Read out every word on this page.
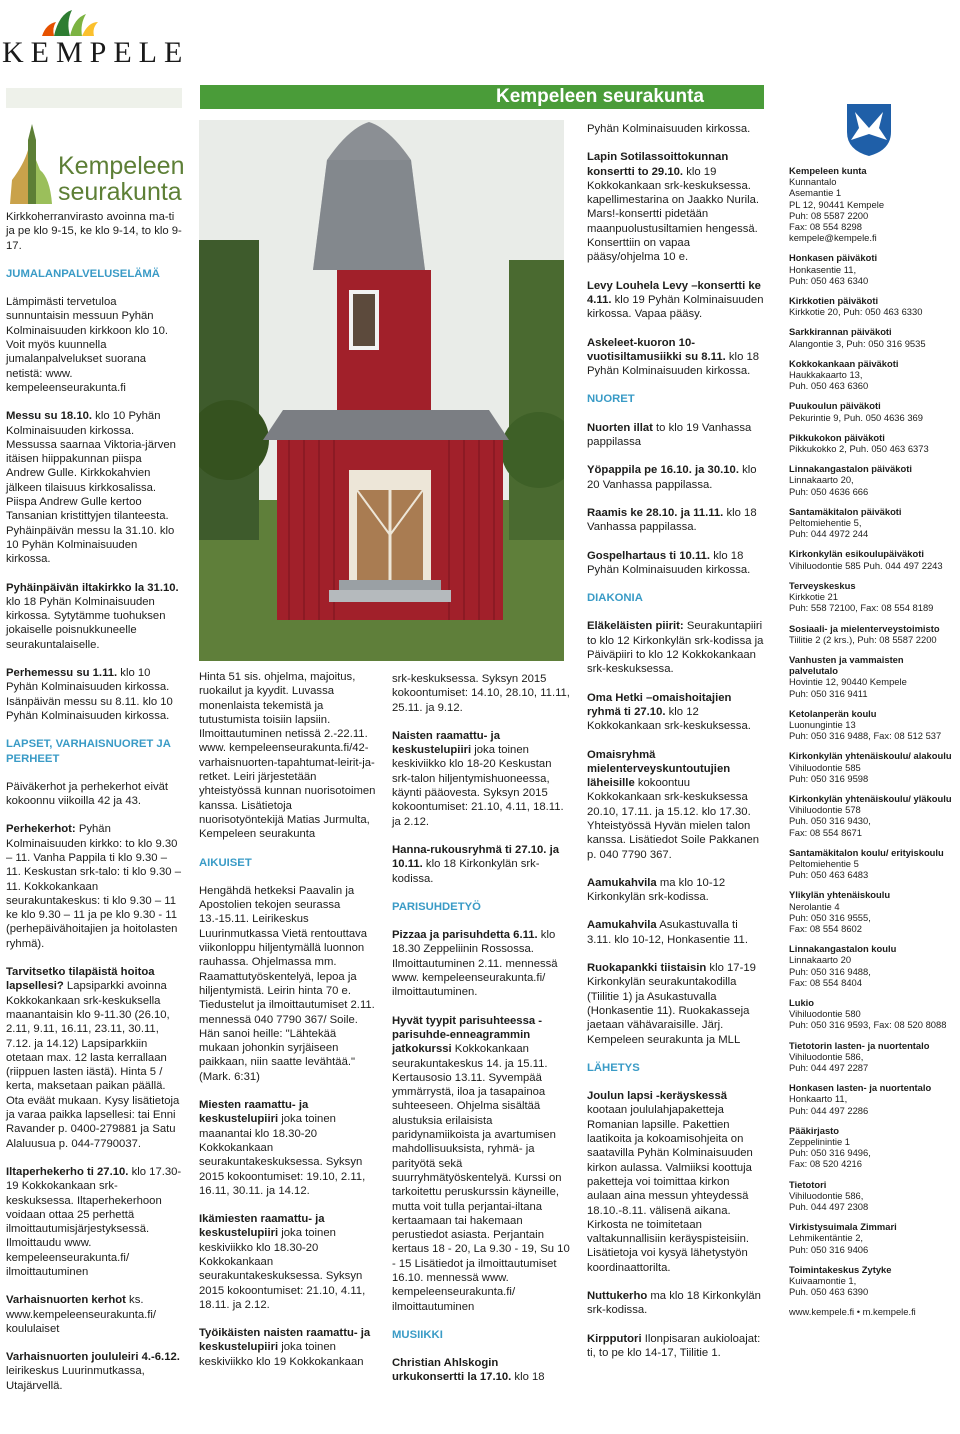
KEMPELE
Kempeleen seurakunta
Kempeleen
seurakunta

Kirkkoherranvirasto avoinna ma-ti ja pe klo 9-15, ke klo 9-14, to klo 9-17.

JUMALANPALVELUSELÄMÄ

Lämpimästi tervetuloa sunnuntaisin messuun Pyhän Kolminaisuuden kirkkoon klo 10. Voit myös kuunnella jumalanpalvelukset suorana netistä: www. kempeleenseurakunta.fi

Messu su 18.10. klo 10 Pyhän Kolminaisuuden kirkossa. Messussa saarnaa Viktoria-järven itäisen hiippakunnan piispa Andrew Gulle. Kirkkokahvien jälkeen tilaisuus kirkkosalissa. Piispa Andrew Gulle kertoo Tansanian kristittyjen tilanteesta. Pyhäinpäivän messu la 31.10. klo 10 Pyhän Kolminaisuuden kirkossa.

Pyhäinpäivän iltakirkko la 31.10. klo 18 Pyhän Kolminaisuuden kirkossa. Sytytämme tuohuksen jokaiselle poisnukkuneelle seurakuntalaiselle.

Perhemessu su 1.11. klo 10 Pyhän Kolminaisuuden kirkossa. Isänpäivän messu su 8.11. klo 10 Pyhän Kolminaisuuden kirkossa.

LAPSET, VARHAISNUORET JA PERHEET

Päiväkerhot ja perhekerhot eivät kokoonnu viikoilla 42 ja 43.

Perhekerhot: Pyhän Kolminaisuuden kirkko: to klo 9.30 – 11. Vanha Pappila ti klo 9.30 – 11. Keskustan srk-talo: ti klo 9.30 – 11. Kokkokankaan seurakuntakeskus: ti klo 9.30 – 11 ke klo 9.30 – 11 ja pe klo 9.30 - 11 (perhepäivähoitajien ja hoitolasten ryhmä).

Tarvitsetko tilapäistä hoitoa lapsellesi? Lapsiparkki avoinna Kokkokankaan srk-keskuksella maanantaisin klo 9-11.30 (26.10, 2.11, 9.11, 16.11, 23.11, 30.11, 7.12. ja 14.12) Lapsiparkkiin otetaan max. 12 lasta kerrallaan (riippuen lasten iästä). Hinta 5 / kerta, maksetaan paikan päällä. Ota eväät mukaan. Kysy lisätietoja ja varaa paikka lapsellesi: tai Enni Ravander p. 0400-279881 ja Satu Alaluusua p. 044-7790037.

Iltaperhekerho ti 27.10. klo 17.30-19 Kokkokankaan srk-keskuksessa. Iltaperhekerhoon voidaan ottaa 25 perhettä ilmoittautumisjärjestyksessä. Ilmoittaudu www. kempeleenseurakunta.fi/ ilmoittautuminen

Varhaisnuorten kerhot ks. www.kempeleenseurakunta.fi/ koululaiset

Varhaisnuorten joululeiri 4.-6.12. leirikeskus Luurinmutkassa, Utajärvellä.

Hinta 51 sis. ohjelma, majoitus, ruokailut ja kyydit. Luvassa monenlaista tekemistä ja tutustumista toisiin lapsiin. Ilmoittautuminen netissä 2.-22.11. www. kempeleenseurakunta.fi/42-varhaisnuorten-tapahtumat-leirit-ja-retket. Leiri järjestetään yhteistyössä kunnan nuorisotoimen kanssa. Lisätietoja nuorisotyöntekijä Matias Jurmulta, Kempeleen seurakunta

AIKUISET

Hengähdä hetkeksi Paavalin ja Apostolien tekojen seurassa 13.-15.11. Leirikeskus Luurinmutkassa Vietä rentouttava viikonloppu hiljentymällä luonnon rauhassa. Ohjelmassa mm. Raamattutyöskentelyä, lepoa ja hiljentymistä. Leirin hinta 70 e. Tiedustelut ja ilmoittautumiset 2.11. mennessä 040 7790 367/ Soile. Hän sanoi heille: "Lähtekää mukaan johonkin syrjäiseen paikkaan, niin saatte levähtää." (Mark. 6:31)

Miesten raamattu- ja keskustelupiiri joka toinen maanantai klo 18.30-20 Kokkokankaan seurakuntakeskuksessa. Syksyn 2015 kokoontumiset: 19.10, 2.11, 16.11, 30.11. ja 14.12.

Ikämiesten raamattu- ja keskustelupiiri joka toinen keskiviikko klo 18.30-20 Kokkokankaan seurakuntakeskuksessa. Syksyn 2015 kokoontumiset: 21.10, 4.11, 18.11. ja 2.12.

Työikäisten naisten raamattu- ja keskustelupiiri joka toinen keskiviikko klo 19 Kokkokankaan

srk-keskuksessa. Syksyn 2015 kokoontumiset: 14.10, 28.10, 11.11, 25.11. ja 9.12.

Naisten raamattu- ja keskustelupiiri joka toinen keskiviikko klo 18-20 Keskustan srk-talon hiljentymishuoneessa, käynti pääovesta. Syksyn 2015 kokoontumiset: 21.10, 4.11, 18.11. ja 2.12.

Hanna-rukousryhmä ti 27.10. ja 10.11. klo 18 Kirkonkylän srk-kodissa.

PARISUHDETYÖ

Pizzaa ja parisuhdetta 6.11. klo 18.30 Zeppeliinin Rossossa. Ilmoittautuminen 2.11. mennessä www. kempeleenseurakunta.fi/ ilmoittautuminen.

Hyvät tyypit parisuhteessa - parisuhde-enneagrammin jatkokurssi Kokkokankaan seurakuntakeskus 14. ja 15.11. Kertausosio 13.11. Syvempää ymmärrystä, iloa ja tasapainoa suhteeseen. Ohjelma sisältää alustuksia erilaisista paridynamiikoista ja avartumisen mahdollisuuksista, ryhmä- ja parityötä sekä suurryhmätyöskentelyä. Kurssi on tarkoitettu peruskurssin käyneille, mutta voit tulla perjantai-iltana kertaamaan tai hakemaan perustiedot asiasta. Perjantain kertaus 18 - 20, La 9.30 - 19, Su 10 - 15 Lisätiedot ja ilmoittautumiset 16.10. mennessä www. kempeleenseurakunta.fi/ ilmoittautuminen

MUSIIKKI

Christian Ahlskogin urkukonsertti la 17.10. klo 18

Pyhän Kolminaisuuden kirkossa.

Lapin Sotilassoittokunnan konsertti to 29.10. klo 19 Kokkokankaan srk-keskuksessa. kapellimestarina on Jaakko Nurila. Mars!-konsertti pidetään maanpuolustusiltamien hengessä. Konserttiin on vapaa pääsy/ohjelma 10 e.

Levy Louhela Levy –konsertti ke 4.11. klo 19 Pyhän Kolminaisuuden kirkossa. Vapaa pääsy.

Askeleet-kuoron 10-vuotisiltamusiikki su 8.11. klo 18 Pyhän Kolminaisuuden kirkossa.

NUORET

Nuorten illat to klo 19 Vanhassa pappilassa

Yöpappila pe 16.10. ja 30.10. klo 20 Vanhassa pappilassa.

Raamis ke 28.10. ja 11.11. klo 18 Vanhassa pappilassa.

Gospelhartaus ti 10.11. klo 18 Pyhän Kolminaisuuden kirkossa.

DIAKONIA

Eläkeläisten piirit: Seurakuntapiiri to klo 12 Kirkonkylän srk-kodissa ja Päiväpiiri to klo 12 Kokkokankaan srk-keskuksessa.

Oma Hetki –omaishoitajien ryhmä ti 27.10. klo 12 Kokkokankaan srk-keskuksessa.

Omaisryhmä mielenterveyskuntoutujien läheisille kokoontuu Kokkokankaan srk-keskuksessa 20.10, 17.11. ja 15.12. klo 17.30. Yhteistyössä Hyvän mielen talon kanssa. Lisätiedot Soile Pakkanen p. 040 7790 367.

Aamukahvila ma klo 10-12 Kirkonkylän srk-kodissa.

Aamukahvila Asukastuvalla ti 3.11. klo 10-12, Honkasentie 11.

Ruokapankki tiistaisin klo 17-19 Kirkonkylän seurakuntakodilla (Tiilitie 1) ja Asukastuvalla (Honkasentie 11). Ruokakasseja jaetaan vähävaraisille. Järj. Kempeleen seurakunta ja MLL

LÄHETYS

Joulun lapsi -keräyskessä kootaan joululahjapaketteja Romanian lapsille. Pakettien laatikoita ja kokoamisohjeita on saatavilla Pyhän Kolminaisuuden kirkon aulassa. Valmiiksi koottuja paketteja voi toimittaa kirkon aulaan aina messun yhteydessä 18.10.-8.11. välisenä aikana. Kirkosta ne toimitetaan valtakunnallisiin keräyspisteisiin. Lisätietoja voi kysyä lähetystyön koordinaattorilta.

Nuttukerho ma klo 18 Kirkonkylän srk-kodissa.

Kirpputori Ilonpisaran aukioloajat: ti, to pe klo 14-17, Tiilitie 1.

Kempeleen kunta
Kunnantalo
Asemantie 1
PL 12, 90441 Kempele
Puh: 08 5587 2200
Fax: 08 554 8298
kempele@kempele.fi

Honkasen päiväkoti
Honkasentie 11,
Puh: 050 463 6340

Kirkkotien päiväkoti
Kirkkotie 20, Puh: 050 463 6330

Sarkkirannan päiväkoti
Alangontie 3, Puh: 050 316 9535

Kokkokankaan päiväkoti
Haukkakaarto 13,
Puh. 050 463 6360

Puukoulun päiväkoti
Pekurintie 9, Puh. 050 4636 369

Pikkukokon päiväkoti
Pikkukokko 2, Puh. 050 463 6373

Linnakangastalon päiväkoti
Linnakaarto 20,
Puh: 050 4636 666

Santamäkitalon päiväkoti
Peltomiehentie 5,
Puh: 044 4972 244

Kirkonkylän esikoulupäiväkoti
Vihiluodontie 585 Puh. 044 497 2243

Terveyskeskus
Kirkkotie 21
Puh: 558 72100, Fax: 08 554 8189

Sosiaali- ja mielenterveystoimisto
Tiilitie 2 (2 krs.), Puh: 08 5587 2200

Vanhusten ja vammaisten palvelutalo
Hovintie 12, 90440 Kempele
Puh: 050 316 9411

Ketolanperän koulu
Luonungintie 13
Puh: 050 316 9488, Fax: 08 512 537

Kirkonkylän yhtenäiskoulu/ alakoulu
Vihiluodontie 585
Puh: 050 316 9598

Kirkonkylän yhtenäiskoulu/ yläkoulu
Vihiluodontie 578
Puh. 050 316 9430,
Fax: 08 554 8671

Santamäkitalon koulu/ erityiskoulu
Peltomiehentie 5
Puh: 050 463 6483

Ylikylän yhtenäiskoulu
Nerolantie 4
Puh: 050 316 9555,
Fax: 08 554 8602

Linnakangastalon koulu
Linnakaarto 20
Puh: 050 316 9488,
Fax: 08 554 8404

Lukio
Vihiluodontie 580
Puh: 050 316 9593, Fax: 08 520 8088

Tietotorin lasten- ja nuortentalo
Vihiluodontie 586,
Puh: 044 497 2287

Honkasen lasten- ja nuortentalo
Honkaarto 11,
Puh: 044 497 2286

Pääkirjasto
Zeppelinintie 1
Puh: 050 316 9496,
Fax: 08 520 4216

Tietotori
Vihiluodontie 586,
Puh. 044 497 2308

Virkistysuimala Zimmari
Lehmikentäntie 2,
Puh: 050 316 9406

Toimintakeskus Zytyke
Kuivaamontie 1,
Puh. 050 463 6390

www.kempele.fi • m.kempele.fi
